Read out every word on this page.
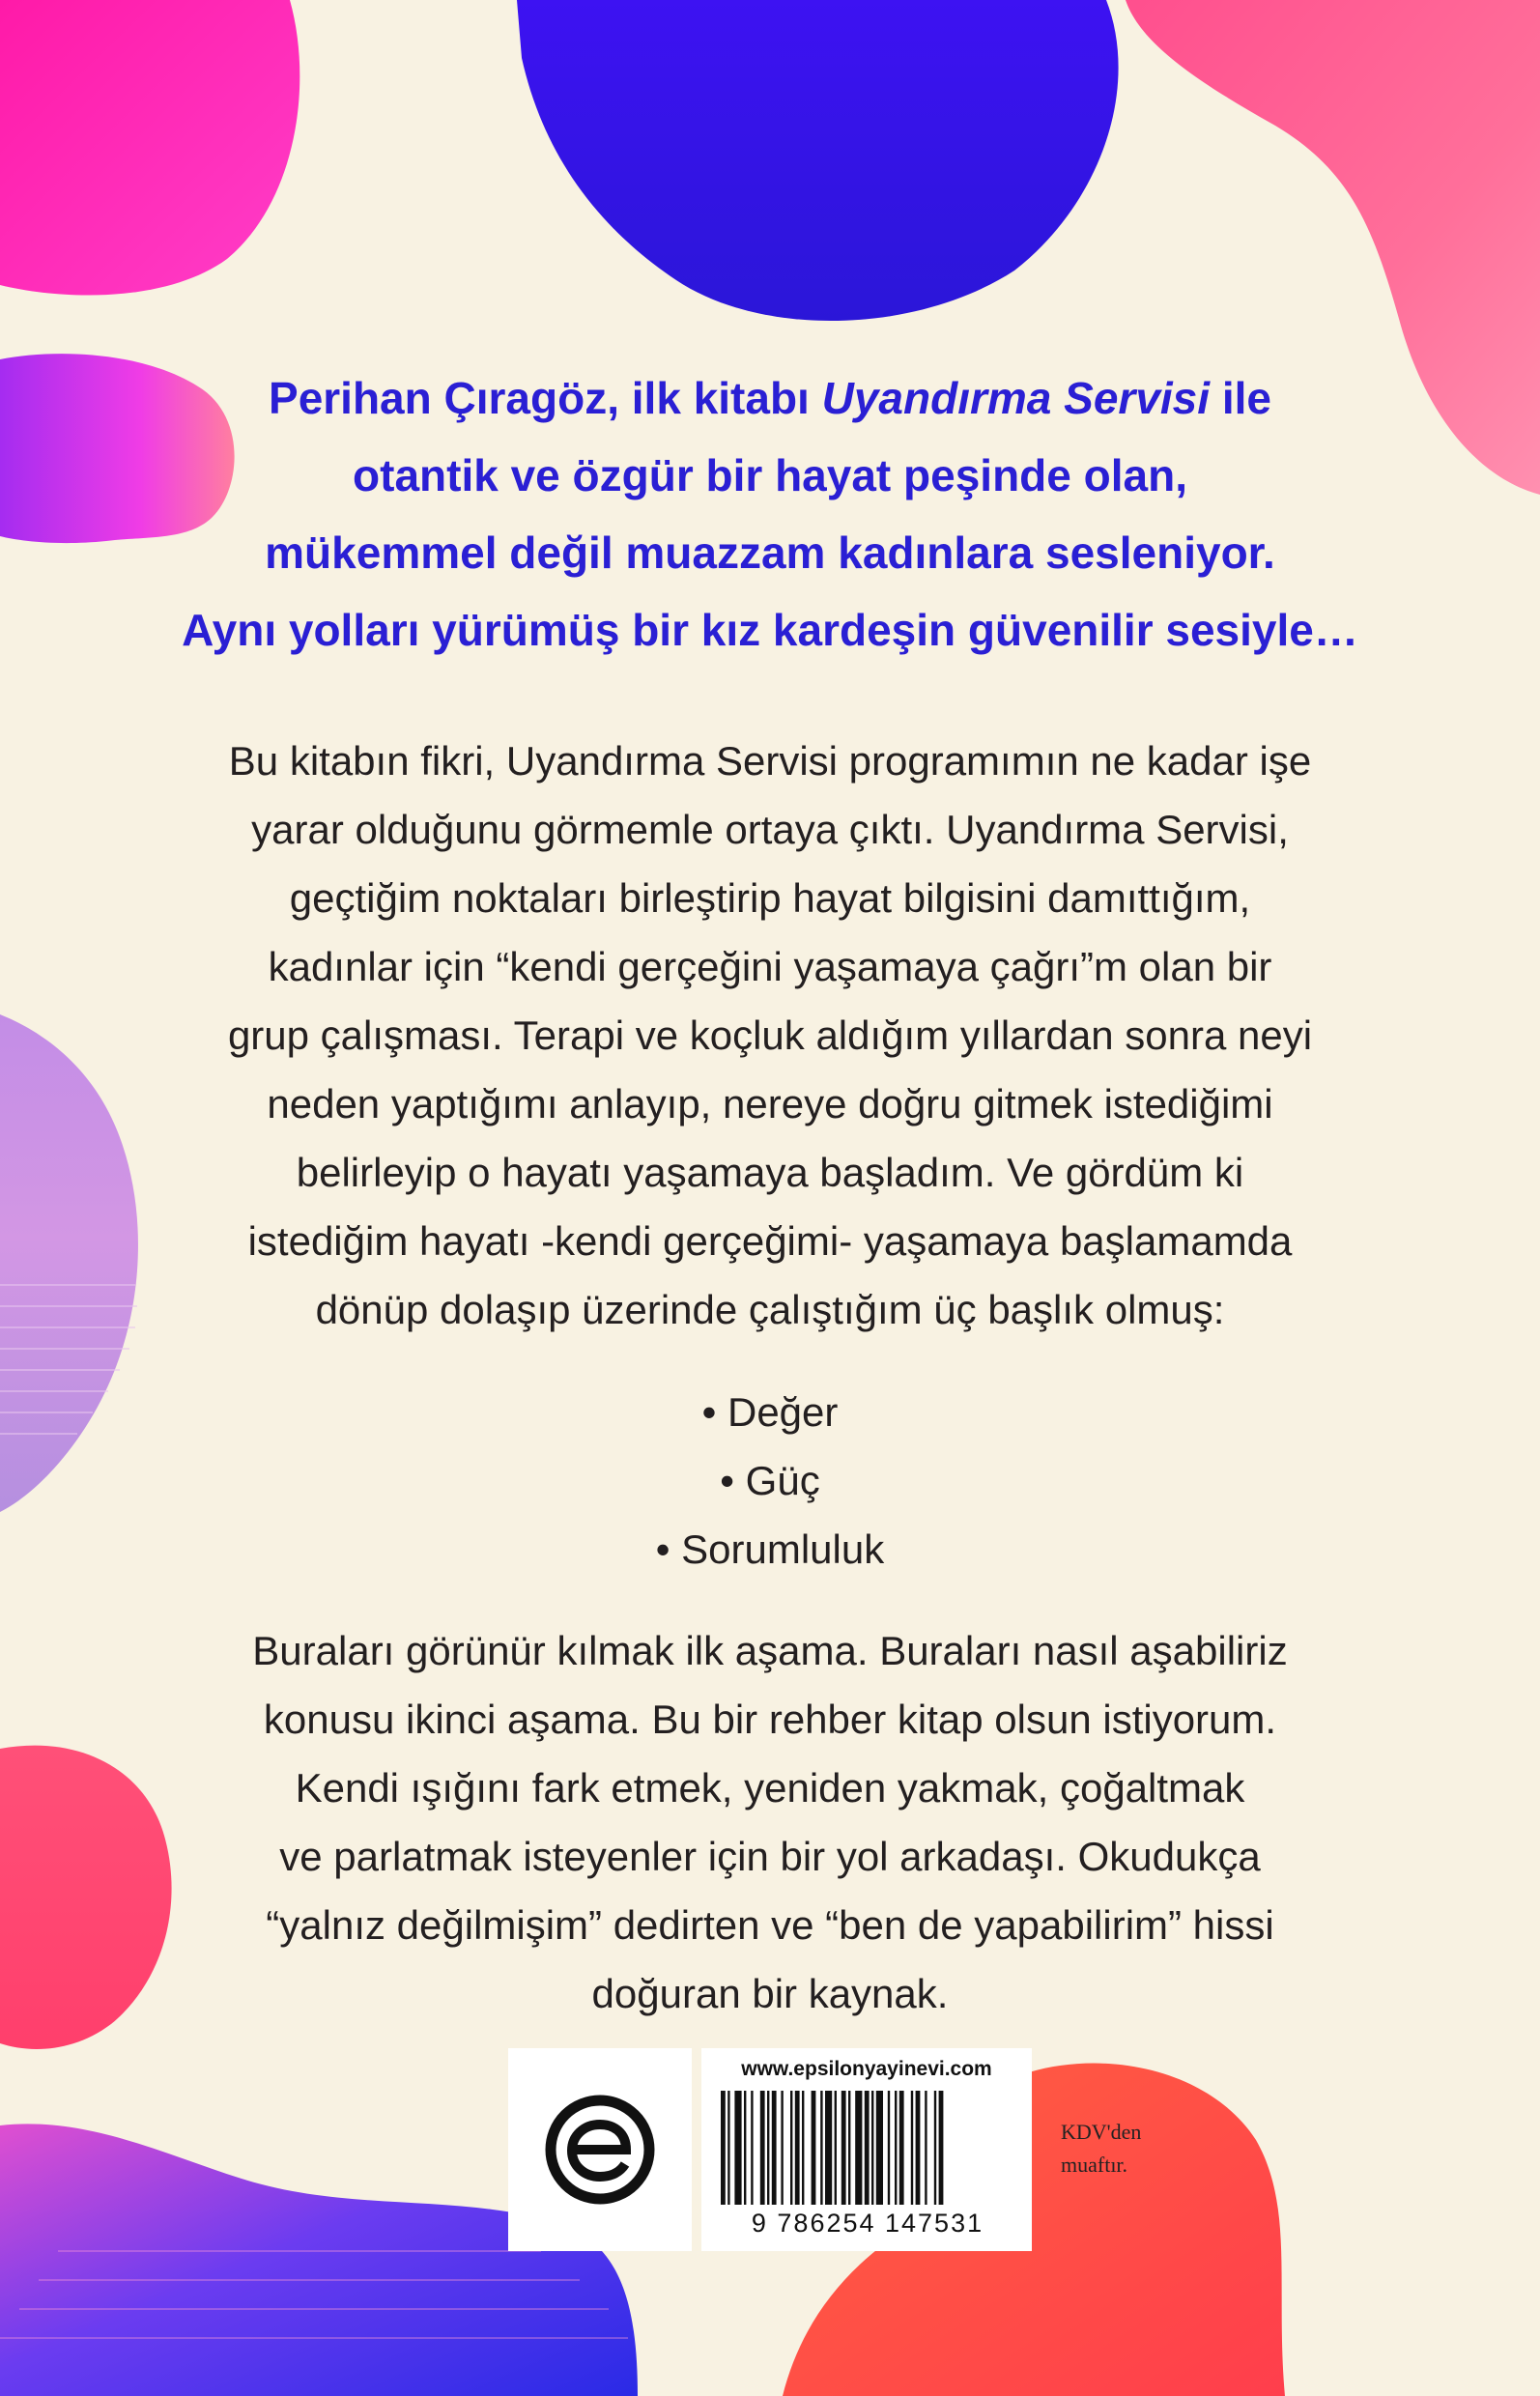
Perihan Çıragöz, ilk kitabı Uyandırma Servisi ile
otantik ve özgür bir hayat peşinde olan,
mükemmel değil muazzam kadınlara sesleniyor.
Aynı yolları yürümüş bir kız kardeşin güvenilir sesiyle…
Bu kitabın fikri, Uyandırma Servisi programımın ne kadar işe
yarar olduğunu görmemle ortaya çıktı. Uyandırma Servisi,
geçtiğim noktaları birleştirip hayat bilgisini damıttığım,
kadınlar için “kendi gerçeğini yaşamaya çağrı”m olan bir
grup çalışması. Terapi ve koçluk aldığım yıllardan sonra neyi
neden yaptığımı anlayıp, nereye doğru gitmek istediğimi
belirleyip o hayatı yaşamaya başladım. Ve gördüm ki
istediğim hayatı -kendi gerçeğimi- yaşamaya başlamamda
dönüp dolaşıp üzerinde çalıştığım üç başlık olmuş:
• Değer
• Güç
• Sorumluluk
Buraları görünür kılmak ilk aşama. Buraları nasıl aşabiliriz
konusu ikinci aşama. Bu bir rehber kitap olsun istiyorum.
Kendi ışığını fark etmek, yeniden yakmak, çoğaltmak
ve parlatmak isteyenler için bir yol arkadaşı. Okudukça
“yalnız değilmişim” dedirten ve “ben de yapabilirim” hissi
doğuran bir kaynak.
www.epsilonyayinevi.com
9 786254 147531
KDV'den
muaftır.
